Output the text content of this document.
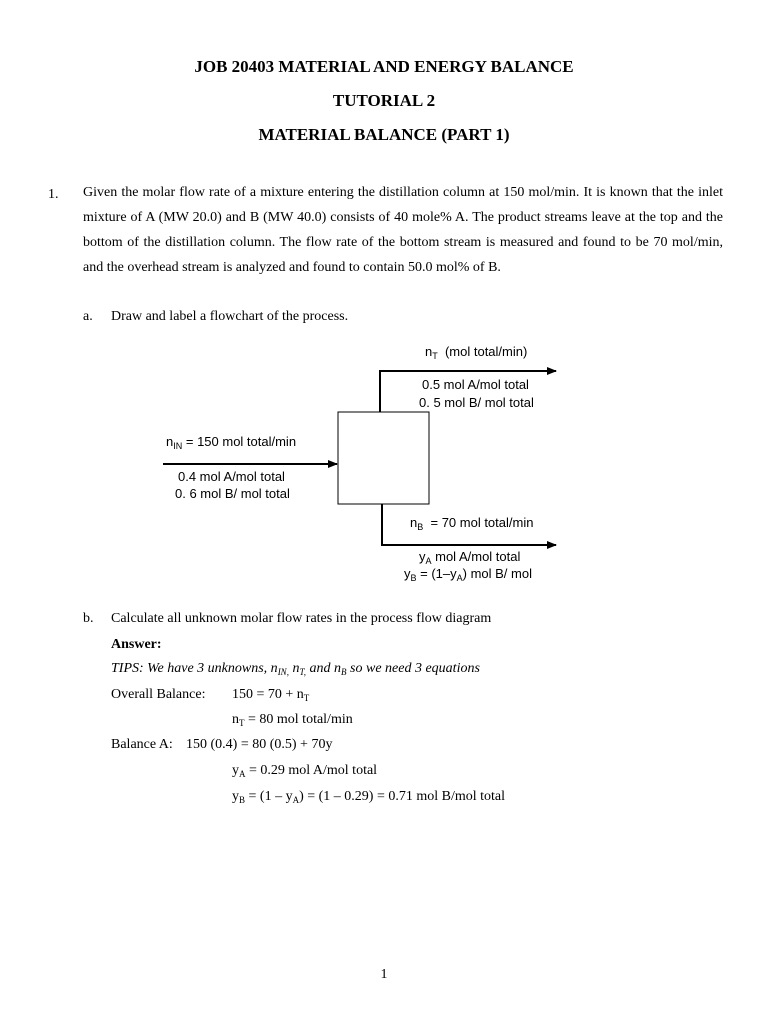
JOB 20403 MATERIAL AND ENERGY BALANCE
TUTORIAL 2
MATERIAL BALANCE (PART 1)
1. Given the molar flow rate of a mixture entering the distillation column at 150 mol/min. It is known that the inlet mixture of A (MW 20.0) and B (MW 40.0) consists of 40 mole% A. The product streams leave at the top and the bottom of the distillation column. The flow rate of the bottom stream is measured and found to be 70 mol/min, and the overhead stream is analyzed and found to contain 50.0 mol% of B.
a. Draw and label a flowchart of the process.
$n_T$ (mol total/min)
0.5 mol A/mol total
0. 5 mol B/ mol total
$n_{IN} = 150$ mol total/min
0.4 mol A/mol total
0. 6 mol B/ mol total
$n_B = 70$ mol total/min
$y_A$ mol A/mol total
$y_B = (1-y_A)$ mol B/ mol
b. Calculate all unknown molar flow rates in the process flow diagram
Answer:
TIPS: We have 3 unknowns, $n_{IN,}$ $n_{T,}$ and $n_B$ so we need 3 equations
Overall Balance: $150 = 70 + n_T$
$n_T = 80$ mol total/min
Balance A: 150 (0.4) = 80 (0.5) + 70y
$y_A = 0.29$ mol A/mol total
$y_B = (1 - y_A) = (1 - 0.29) = 0.71$ mol B/mol total
1
